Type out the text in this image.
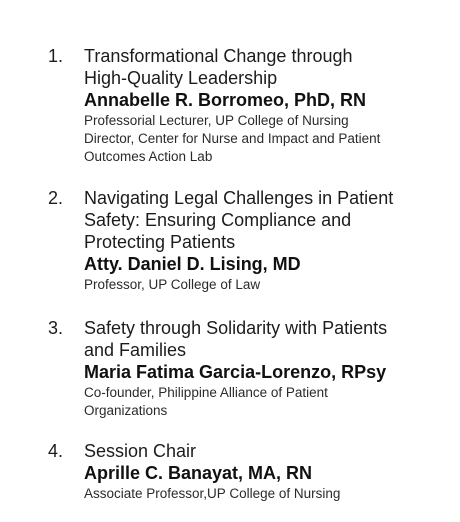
1. Transformational Change through
High-Quality Leadership
Annabelle R. Borromeo, PhD, RN
Professorial Lecturer, UP College of Nursing
Director, Center for Nurse and Impact and Patient
Outcomes Action Lab
2. Navigating Legal Challenges in Patient
Safety: Ensuring Compliance and
Protecting Patients
Atty. Daniel D. Lising, MD
Professor, UP College of Law
3. Safety through Solidarity with Patients
and Families
Maria Fatima Garcia-Lorenzo, RPsy
Co-founder, Philippine Alliance of Patient
Organizations
4. Session Chair
Aprille C. Banayat, MA, RN
Associate Professor,UP College of Nursing
